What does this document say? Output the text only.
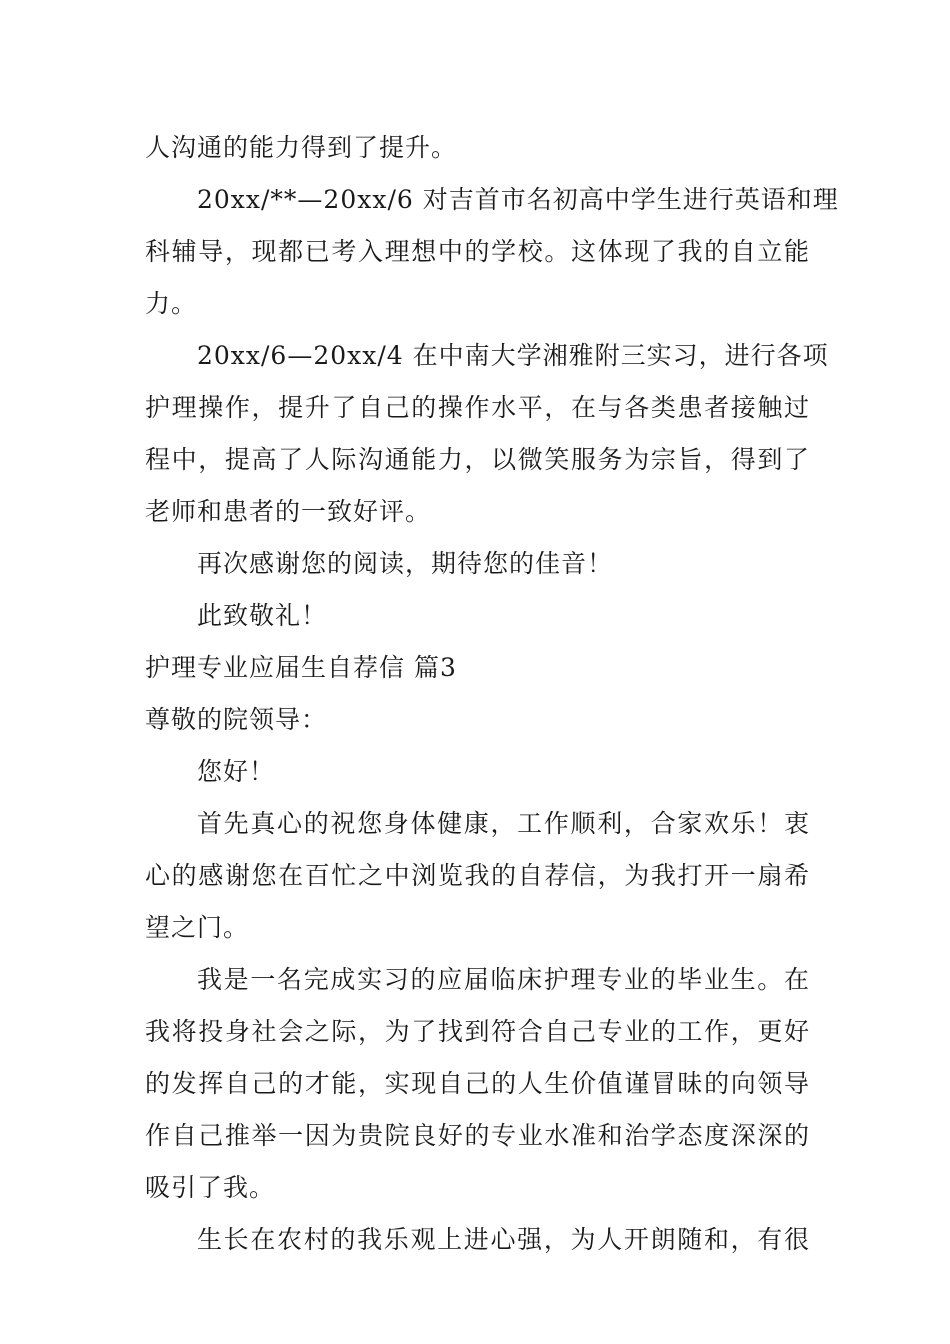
人沟通的能力得到了提升。
20xx/**—20xx/6 对吉首市名初高中学生进行英语和理
科辅导，现都已考入理想中的学校。这体现了我的自立能
力。
20xx/6—20xx/4 在中南大学湘雅附三实习，进行各项
护理操作，提升了自己的操作水平，在与各类患者接触过
程中，提高了人际沟通能力，以微笑服务为宗旨，得到了
老师和患者的一致好评。
再次感谢您的阅读，期待您的佳音！
此致敬礼！
护理专业应届生自荐信 篇3
尊敬的院领导：
您好！
首先真心的祝您身体健康，工作顺利，合家欢乐！衷
心的感谢您在百忙之中浏览我的自荐信，为我打开一扇希
望之门。
我是一名完成实习的应届临床护理专业的毕业生。在
我将投身社会之际，为了找到符合自己专业的工作，更好
的发挥自己的才能，实现自己的人生价值谨冒昧的向领导
作自己推举一因为贵院良好的专业水准和治学态度深深的
吸引了我。
生长在农村的我乐观上进心强，为人开朗随和，有很
